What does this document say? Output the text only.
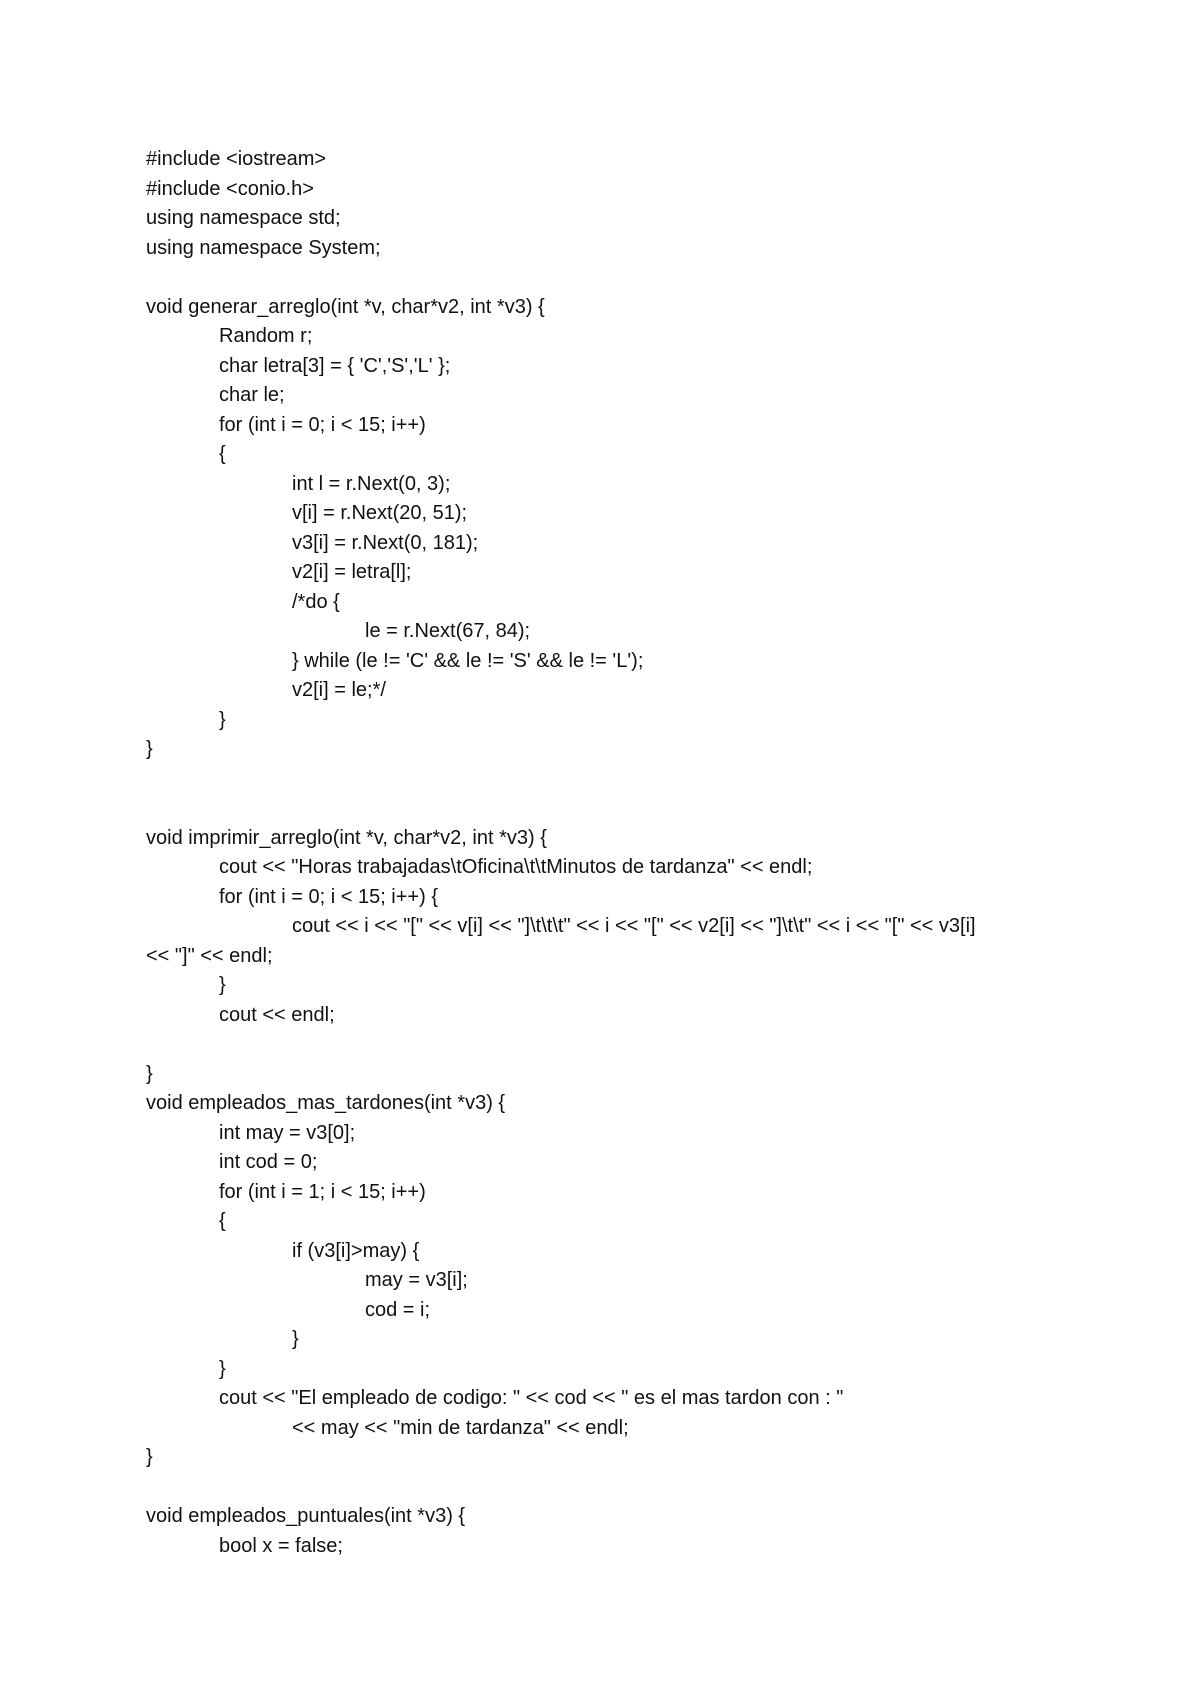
#include <iostream>
#include <conio.h>
using namespace std;
using namespace System;
void generar_arreglo(int *v, char*v2, int *v3) {
Random r;
char letra[3] = { 'C','S','L' };
char le;
for (int i = 0; i < 15; i++)
{
int l = r.Next(0, 3);
v[i] = r.Next(20, 51);
v3[i] = r.Next(0, 181);
v2[i] = letra[l];
/*do {
le = r.Next(67, 84);
} while (le != 'C' && le != 'S' && le != 'L');
v2[i] = le;*/
}
}
void imprimir_arreglo(int *v, char*v2, int *v3) {
cout << "Horas trabajadas\tOficina\t\tMinutos de tardanza" << endl;
for (int i = 0; i < 15; i++) {
cout << i << "[" << v[i] << "]\t\t\t" << i << "[" << v2[i] << "]\t\t" << i << "[" << v3[i]
<< "]" << endl;
}
cout << endl;
}
void empleados_mas_tardones(int *v3) {
int may = v3[0];
int cod = 0;
for (int i = 1; i < 15; i++)
{
if (v3[i]>may) {
may = v3[i];
cod = i;
}
}
cout << "El empleado de codigo: " << cod << " es el mas tardon con : "
<< may << "min de tardanza" << endl;
}
void empleados_puntuales(int *v3) {
bool x = false;
